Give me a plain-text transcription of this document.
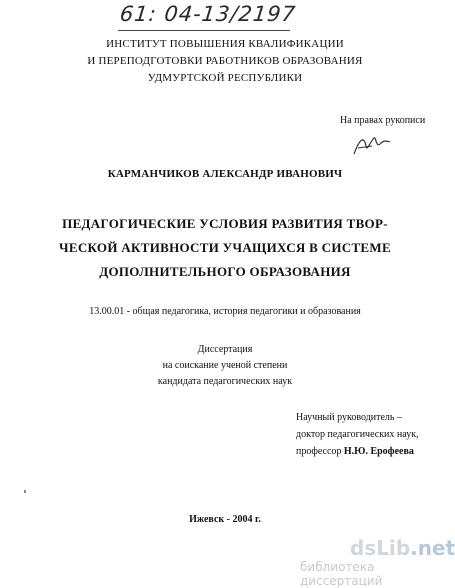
61: 04-13/2197
ИНСТИТУТ ПОВЫШЕНИЯ КВАЛИФИКАЦИИ
И ПЕРЕПОДГОТОВКИ РАБОТНИКОВ ОБРАЗОВАНИЯ
УДМУРТСКОЙ РЕСПУБЛИКИ
На правах рукописи
КАРМАНЧИКОВ АЛЕКСАНДР ИВАНОВИЧ
ПЕДАГОГИЧЕСКИЕ УСЛОВИЯ РАЗВИТИЯ ТВОР-
ЧЕСКОЙ АКТИВНОСТИ УЧАЩИХСЯ В СИСТЕМЕ
ДОПОЛНИТЕЛЬНОГО ОБРАЗОВАНИЯ
13.00.01 - общая педагогика, история педагогики и образования
Диссертация
на соискание ученой степени
кандидата педагогических наук
Научный руководитель –
доктор педагогических наук,
профессор Н.Ю. Ерофеева
Ижевск - 2004 г.
dsLib.net
библиотека диссертаций
